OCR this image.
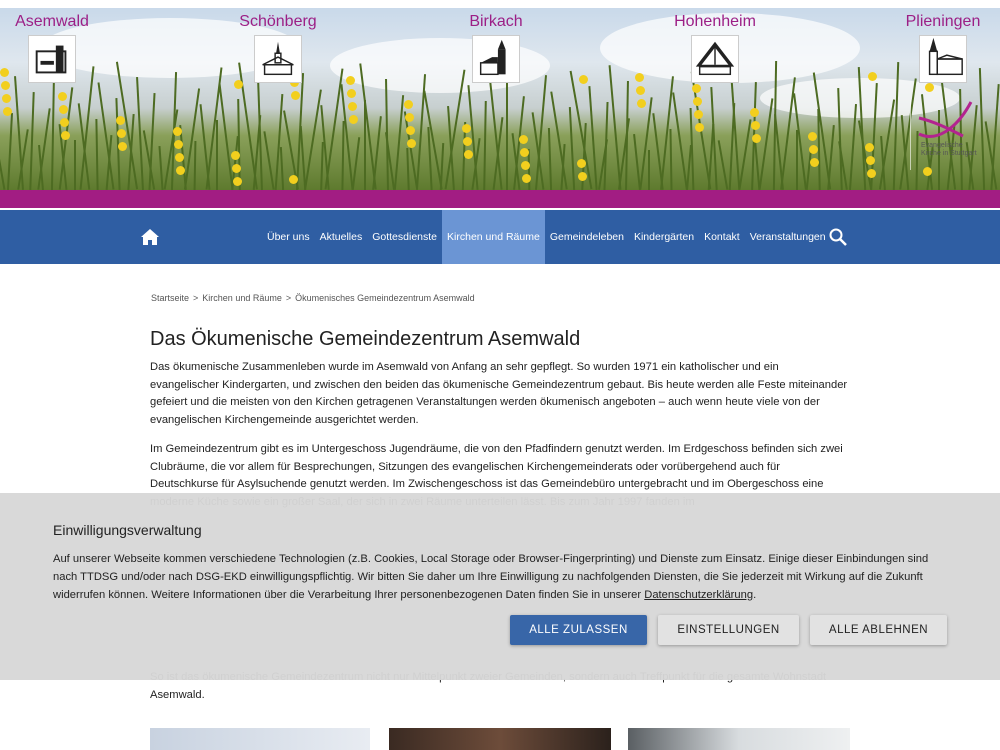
Asemwald	Schönberg	Birkach	Hohenheim	Plieningen
Evangelische Kirche in Stuttgart
Über uns Aktuelles Gottesdienste Kirchen und Räume Gemeindeleben Kindergärten Kontakt Veranstaltungen
Startseite > Kirchen und Räume > Ökumenisches Gemeindezentrum Asemwald
Das Ökumenische Gemeindezentrum Asemwald

Das ökumenische Zusammenleben wurde im Asemwald von Anfang an sehr gepflegt. So wurden 1971 ein katholischer und ein evangelischer Kindergarten, und zwischen den beiden das ökumenische Gemeindezentrum gebaut. Bis heute werden alle Feste miteinander gefeiert und die meisten von den Kirchen getragenen Veranstaltungen werden ökumenisch angeboten – auch wenn heute viele von der evangelischen Kirchengemeinde ausgerichtet werden.

Im Gemeindezentrum gibt es im Untergeschoss Jugendräume, die von den Pfadfindern genutzt werden. Im Erdgeschoss befinden sich zwei Clubräume, die vor allem für Besprechungen, Sitzungen des evangelischen Kirchengemeinderats oder vorübergehend auch für Deutschkurse für Asylsuchende genutzt werden. Im Zwischengeschoss ist das Gemeindebüro untergebracht und im Obergeschoss eine

Asemwald.

Einwilligungsverwaltung

Auf unserer Webseite kommen verschiedene Technologien (z.B. Cookies, Local Storage oder Browser-Fingerprinting) und Dienste zum Einsatz. Einige dieser Einbindungen sind nach TTDSG und/oder nach DSG-EKD einwilligungspflichtig. Wir bitten Sie daher um Ihre Einwilligung zu nachfolgenden Diensten, die Sie jederzeit mit Wirkung auf die Zukunft widerrufen können. Weitere Informationen über die Verarbeitung Ihrer personenbezogenen Daten finden Sie in unserer Datenschutzerklärung.

ALLE ZULASSEN	EINSTELLUNGEN	ALLE ABLEHNEN
